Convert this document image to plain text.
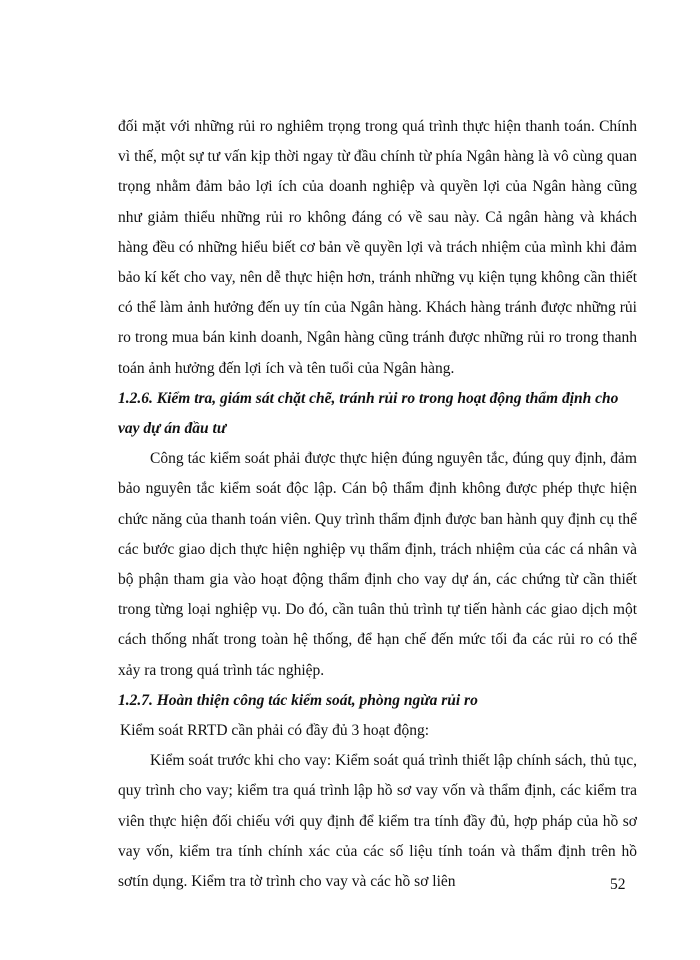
đối mặt với những rủi ro nghiêm trọng trong quá trình thực hiện thanh toán. Chính vì thế, một sự tư vấn kịp thời ngay từ đầu chính từ phía Ngân hàng là vô cùng quan trọng nhằm đảm bảo lợi ích của doanh nghiệp và quyền lợi của Ngân hàng cũng như giảm thiểu những rủi ro không đáng có về sau này. Cả ngân hàng và khách hàng đều có những hiểu biết cơ bản về quyền lợi và trách nhiệm của mình khi đảm bảo kí kết cho vay, nên dễ thực hiện hơn, tránh những vụ kiện tụng không cần thiết có thể làm ảnh hưởng đến uy tín của Ngân hàng. Khách hàng tránh được những rủi ro trong mua bán kinh doanh, Ngân hàng cũng tránh được những rủi ro trong thanh toán ảnh hưởng đến lợi ích và tên tuổi của Ngân hàng.

1.2.6. Kiểm tra, giám sát chặt chẽ, tránh rủi ro trong hoạt động thẩm định cho vay dự án đầu tư

Công tác kiểm soát phải được thực hiện đúng nguyên tắc, đúng quy định, đảm bảo nguyên tắc kiểm soát độc lập. Cán bộ thẩm định không được phép thực hiện chức năng của thanh toán viên. Quy trình thẩm định được ban hành quy định cụ thể các bước giao dịch thực hiện nghiệp vụ thẩm định, trách nhiệm của các cá nhân và bộ phận tham gia vào hoạt động thẩm định cho vay dự án, các chứng từ cần thiết trong từng loại nghiệp vụ. Do đó, cần tuân thủ trình tự tiến hành các giao dịch một cách thống nhất trong toàn hệ thống, để hạn chế đến mức tối đa các rủi ro có thể xảy ra trong quá trình tác nghiệp.

1.2.7. Hoàn thiện công tác kiểm soát, phòng ngừa rủi ro

Kiểm soát RRTD cần phải có đầy đủ 3 hoạt động:

Kiểm soát trước khi cho vay: Kiểm soát quá trình thiết lập chính sách, thủ tục, quy trình cho vay; kiểm tra quá trình lập hồ sơ vay vốn và thẩm định, các kiểm tra viên thực hiện đối chiếu với quy định để kiểm tra tính đầy đủ, hợp pháp của hồ sơ vay vốn, kiểm tra tính chính xác của các số liệu tính toán và thẩm định trên hồ sơtín dụng. Kiểm tra tờ trình cho vay và các hồ sơ liên	52
